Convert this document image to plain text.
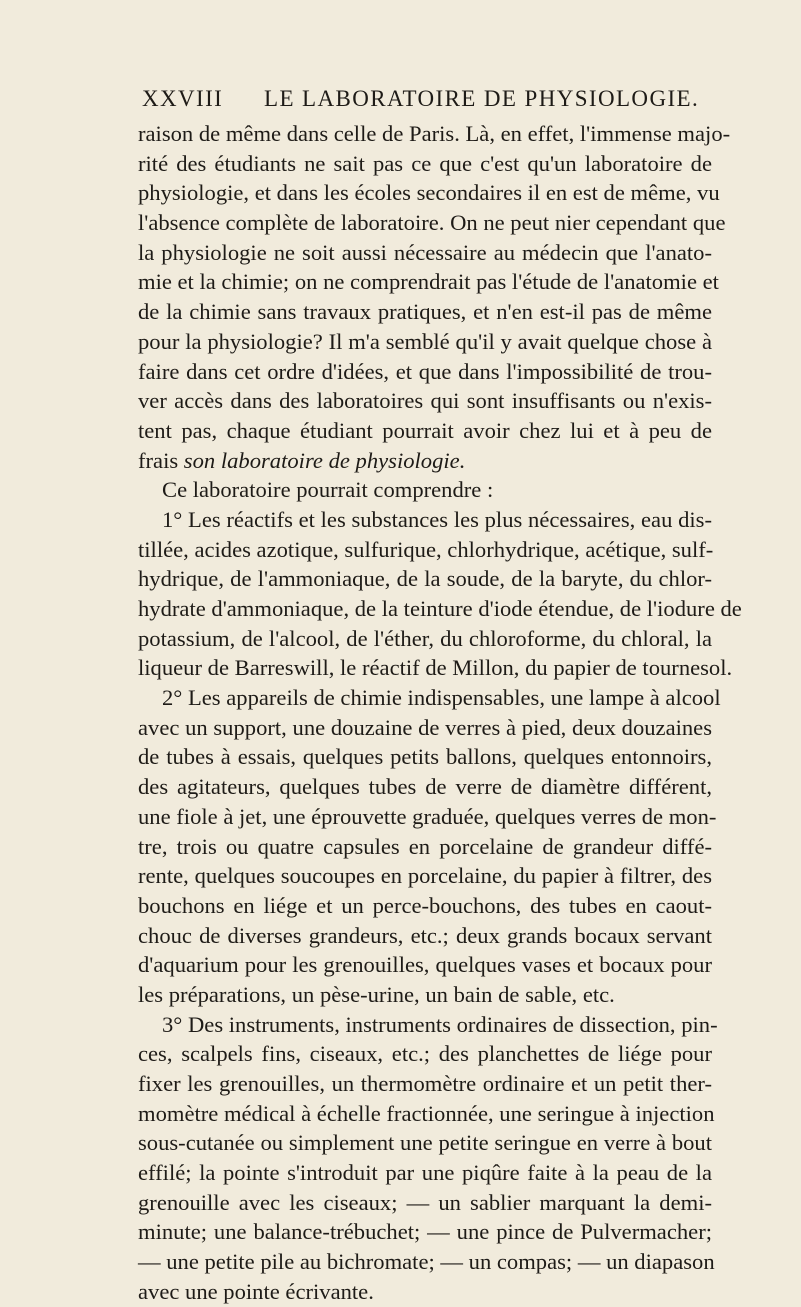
XXVIII LE LABORATOIRE DE PHYSIOLOGIE.
raison de même dans celle de Paris. Là, en effet, l'immense majo-
rité des étudiants ne sait pas ce que c'est qu'un laboratoire de
physiologie, et dans les écoles secondaires il en est de même, vu
l'absence complète de laboratoire. On ne peut nier cependant que
la physiologie ne soit aussi nécessaire au médecin que l'anato-
mie et la chimie; on ne comprendrait pas l'étude de l'anatomie et
de la chimie sans travaux pratiques, et n'en est-il pas de même
pour la physiologie? Il m'a semblé qu'il y avait quelque chose à
faire dans cet ordre d'idées, et que dans l'impossibilité de trou-
ver accès dans des laboratoires qui sont insuffisants ou n'exis-
tent pas, chaque étudiant pourrait avoir chez lui et à peu de
frais son laboratoire de physiologie.
Ce laboratoire pourrait comprendre :
1° Les réactifs et les substances les plus nécessaires, eau dis-
tillée, acides azotique, sulfurique, chlorhydrique, acétique, sulf-
hydrique, de l'ammoniaque, de la soude, de la baryte, du chlor-
hydrate d'ammoniaque, de la teinture d'iode étendue, de l'iodure de
potassium, de l'alcool, de l'éther, du chloroforme, du chloral, la
liqueur de Barreswill, le réactif de Millon, du papier de tournesol.
2° Les appareils de chimie indispensables, une lampe à alcool
avec un support, une douzaine de verres à pied, deux douzaines
de tubes à essais, quelques petits ballons, quelques entonnoirs,
des agitateurs, quelques tubes de verre de diamètre différent,
une fiole à jet, une éprouvette graduée, quelques verres de mon-
tre, trois ou quatre capsules en porcelaine de grandeur diffé-
rente, quelques soucoupes en porcelaine, du papier à filtrer, des
bouchons en liége et un perce-bouchons, des tubes en caout-
chouc de diverses grandeurs, etc.; deux grands bocaux servant
d'aquarium pour les grenouilles, quelques vases et bocaux pour
les préparations, un pèse-urine, un bain de sable, etc.
3° Des instruments, instruments ordinaires de dissection, pin-
ces, scalpels fins, ciseaux, etc.; des planchettes de liége pour
fixer les grenouilles, un thermomètre ordinaire et un petit ther-
momètre médical à échelle fractionnée, une seringue à injection
sous-cutanée ou simplement une petite seringue en verre à bout
effilé; la pointe s'introduit par une piqûre faite à la peau de la
grenouille avec les ciseaux; — un sablier marquant la demi-
minute; une balance-trébuchet; — une pince de Pulvermacher;
— une petite pile au bichromate; — un compas; — un diapason
avec une pointe écrivante.
